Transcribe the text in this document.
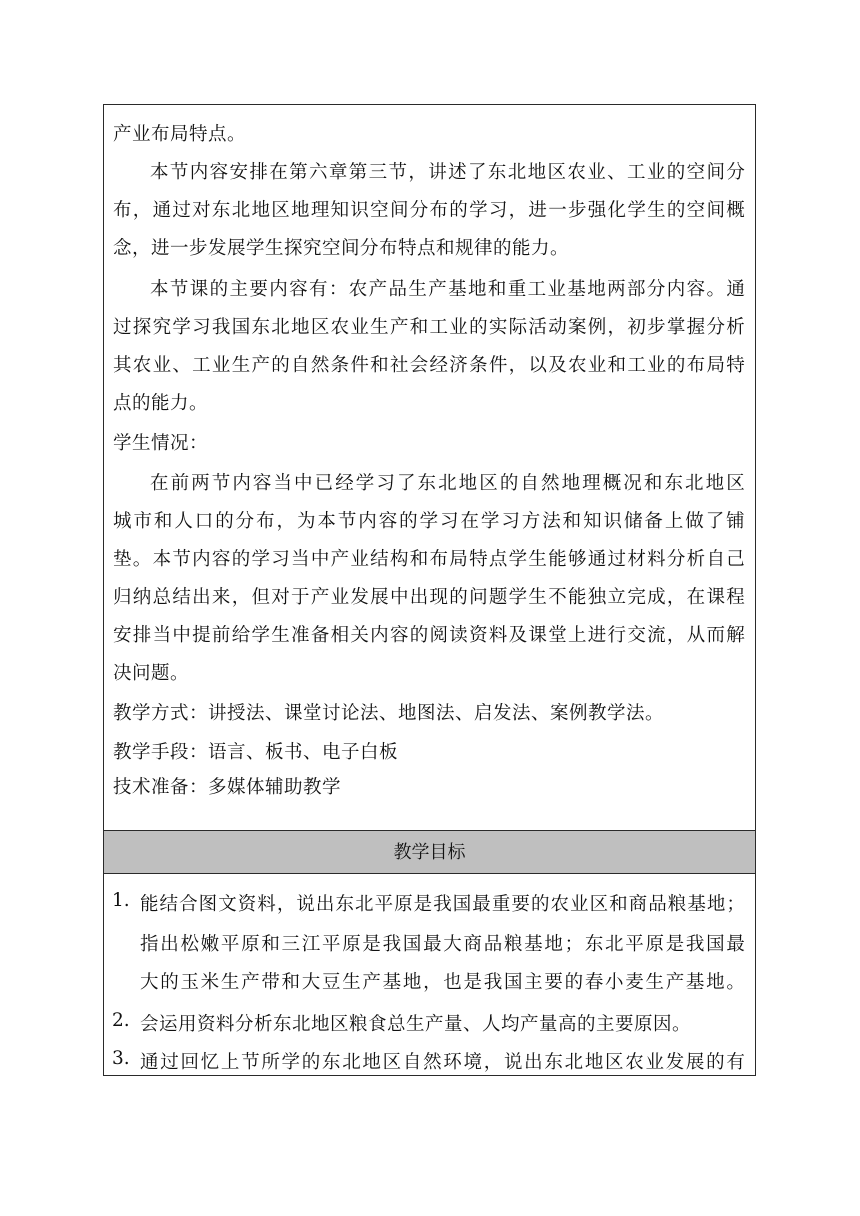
产业布局特点。
本 节 内 容 安 排 在 第 六 章 第 三 节 ， 讲 述 了 东 北 地 区 农 业 、 工 业 的 空 间 分
布 ， 通 过 对 东 北 地 区 地 理 知 识 空 间 分 布 的 学 习 ， 进 一 步 强 化 学 生 的 空 间 概
念，进一步发展学生探究空间分布特点和规律的能力。
本 节 课 的 主 要 内 容 有 ： 农 产 品 生 产 基 地 和 重 工 业 基 地 两 部 分 内 容 。 通
过 探 究 学 习 我 国 东 北 地 区 农 业 生 产 和 工 业 的 实 际 活 动 案 例 ， 初 步 掌 握 分 析
其 农 业 、 工 业 生 产 的 自 然 条 件 和 社 会 经 济 条 件 ， 以 及 农 业 和 工 业 的 布 局 特
点的能力。
学生情况：
在 前 两 节 内 容 当 中 已 经 学 习 了 东 北 地 区 的 自 然 地 理 概 况 和 东 北 地 区
城 市 和 人 口 的 分 布 ， 为 本 节 内 容 的 学 习 在 学 习 方 法 和 知 识 储 备 上 做 了 铺
垫 。 本 节 内 容 的 学 习 当 中 产 业 结 构 和 布 局 特 点 学 生 能 够 通 过 材 料 分 析 自 己
归 纳 总 结 出 来 ， 但 对 于 产 业 发 展 中 出 现 的 问 题 学 生 不 能 独 立 完 成 ， 在 课 程
安 排 当 中 提 前 给 学 生 准 备 相 关 内 容 的 阅 读 资 料 及 课 堂 上 进 行 交 流 ， 从 而 解
决问题。
教学方式：讲授法、课堂讨论法、地图法、启发法、案例教学法。
教学手段：语言、板书、电子白板
技术准备：多媒体辅助教学
教学目标
1. 能 结 合 图 文 资 料 ， 说 出 东 北 平 原 是 我 国 最 重 要 的 农 业 区 和 商 品 粮 基 地 ；
指 出 松 嫩 平 原 和 三 江 平 原 是 我 国 最 大 商 品 粮 基 地 ； 东 北 平 原 是 我 国 最
大 的 玉 米 生 产 带 和 大 豆 生 产 基 地 ， 也 是 我 国 主 要 的 春 小 麦 生 产 基 地 。
2. 会运用资料分析东北地区粮食总生产量、人均产量高的主要原因。
3. 通 过 回 忆 上 节 所 学 的 东 北 地 区 自 然 环 境 ， 说 出 东 北 地 区 农 业 发 展 的 有
